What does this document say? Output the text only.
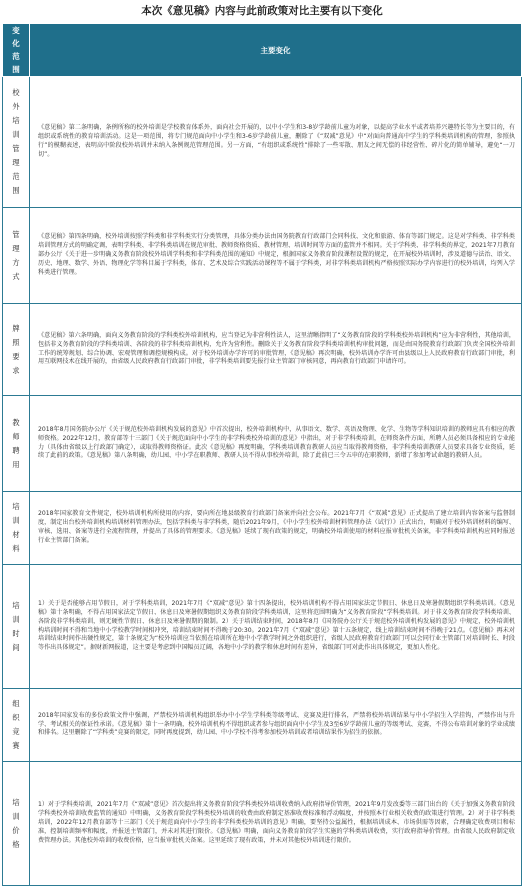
本次《意见稿》内容与此前政策对比主要有以下变化
变化范围	主要变化

校外培训管理范围	《意见稿》第二条明确，条例所称的校外培训是学校教育体系外，面向社会开展的，以中小学生和3-8岁学龄前儿童为对象，以提高学业水平或者培养兴趣特长等为主要目的，有组织或系统性的教育培训活动。这是一项范围，将专门规范面向中小学生和3-6岁学龄前儿童，删除了《“双减”意见》中“对面向普通高中学生的学科类培训机构的管理，参照执行”的模糊表述，表明高中阶段校外培训并未纳入条例规范管理范围。另一方面，“有组织或系统性”排除了一些零散、朋友之间无偿的非经营性、碎片化的简单辅导，避免“一刀切”。

管理方式	《意见稿》第四条明确，校外培训按照学科类和非学科类实行分类管理，具体分类办法由国务院教育行政部门会同科技、文化和旅游、体育等部门规定。这是对学科类、非学科类培训管理方式的明确定调，表明学科类、非学科类培训在规范审批、教师资格资质、教材管理、培训时间等方面的监管并不相同。关于学科类、非学科类的界定，2021年7月教育部办公厅《关于进一步明确义务教育阶段校外培训学科类和非学科类范围的通知》中规定，根据国家义务教育阶段课程设置的规定，在开展校外培训时，涉及道德与法治、语文、历史、地理、数学、外语、物理化学等科目属于学科类，体育、艺术及综合实践活动课程等不属于学科类，对非学科类培训机构严格按照实际办学内容进行的校外培训，均列入学科类进行管理。

牌照要求	《意见稿》第六条明确，面向义务教育阶段的学科类校外培训机构，应当登记为非营利性法人，这里清晰指明了“义务教育阶段的学科类校外培训机构”应为非营利性，其他培训，包括非义务教育阶段的学科类培训、各阶段的非学科类培训机构，允许为营利性。删除关于义务教育阶段学科类培训机构审批问题，而是由国务院教育行政部门负责全国校外培训工作的统筹规划、综合协调、宏观管理和调控规模构成。对于校外培训办学许可的审批管理，《意见稿》再次明确，校外培训办学许可由县级以上人民政府教育行政部门审批，利用互联网技术在线开展的，由省级人民政府教育行政部门审批，非学科类培训要先报行业主管部门审核同意，再向教育行政部门申请许可。

教师聘用	2018年8月国务院办公厅《关于规范校外培训机构发展的意见》中首次提出，校外培训机构中，从事语文、数学、英语及物理、化学、生物等学科知识培训的教师应具有相应的教师资格。2022年12月，教育部等十三部门《关于规范面向中小学生的非学科类校外培训的意见》中指出，对于非学科类培训，在师资条件方面，所聘人员必须具备相应的专业能力（具体由省级以上行政部门确定），或取得教师资格证。此次《意见稿》再度明确，学科类培训教育教研人员应当取得教师资格，非学科类培训教研人员要求具备专业资质，延续了此前的政策。《意见稿》第八条明确，幼儿园、中小学在职教师、教研人员不得从事校外培训，除了此前已三令五申的在职教师，新增了参加考试命题的教研人员。

培训材料	2018年国家教育文件规定，校外培训机构所使用的内容，要向所在地县级教育行政部门备案并向社会公布。2021年7月《“双减”意见》正式提出了建立培训内容备案与监督制度，制定出台校外培训机构培训材料管理办法，包括学科类与非学科类，随后2021年9月，《中小学生校外培训材料管理办法（试行）》正式出台，明确对于校外培训材料的编写、审核、选用、备案等进行全流程管理，并提出了具体的管理要求。《意见稿》延续了现有政策的规定，明确校外培训使用的材料应报审批机关备案，非学科类培训机构应同时报送行业主管部门备案。

培训时间	1）关于是否能够占用节假日，对于学科类培训，2021年7月《“双减”意见》第十四条提出，校外培训机构不得占用国家法定节假日、休息日及寒暑假期组织学科类培训。《意见稿》第十条明确，不得占用国家法定节假日、休息日及寒暑假期组织义务教育阶段学科类培训，这里将范围明确为“义务教育阶段”学科类培训。对于非义务教育阶段学科类培训、各阶段非学科类培训，则无硬性节假日、休息日及寒暑假期的限制。2）关于培训结束时间，2018年8月《国务院办公厅关于规范校外培训机构发展的意见》中规定，校外培训机构培训时间不得和当地中小学校教学时间相冲突，培训结束时间不得晚于20:30。2021年7月《“双减”意见》第十五条规定，线上培训结束时间不得晚于21点。《意见稿》再未对培训结束时间作出硬性规定，第十条规定为“校外培训应当依照在培训所在地中小学教学时间之外组织进行，省级人民政府教育行政部门可以会同行业主管部门对培训时长、时段等作出具体规定”。据财新网报道，这主要是考虑到中国幅员辽阔，各地中小学的教学和休息时间有差异，省级部门可对此作出具体规定，更加人性化。

组织竞赛	2018年国家发布的多份政策文件中强调，严禁校外培训机构组织举办中小学生学科类等级考试、竞赛及进行排名，严禁将校外培训结果与中小学招生入学挂钩，严禁作出与升学、考试相关的保证性承诺。《意见稿》第十一条明确，校外培训机构不得组织或者参与组织面向中小学生及3至6岁学龄前儿童的等级考试、竞赛，不得公布培训对象的学业成绩和排名。这里删除了“学科类”竞赛的限定，同时再度提到，幼儿园、中小学校不得考参加校外培训或者培训结果作为招生的依据。

培训价格	1）对于学科类培训，2021年7月《“双减”意见》首次提出将义务教育阶段学科类校外培训收费纳入政府指导价管理，2021年9月发改委等三部门出台的《关于加强义务教育阶段学科类校外培训收费监管的通知》中明确，义务教育阶段学科类校外培训的收费由政府制定基准收费标准和浮动幅度，并按照本行业相关收费的政策进行管理。2）对于非学科类培训，2022年12月教育部等十三部门《关于规范面向中小学生的非学科类校外培训的意见》明确，要坚持公益属性，根据培训成本、市场供需等因素，合理确定收费项目和标准，控制培训频率和幅度，并报送主管部门，并未对其进行限价。《意见稿》明确，面向义务教育阶段学生实施的学科类培训收费，实行政府指导价管理。由省级人民政府制定收费管理办法。其他校外培训的收费价格，应当报审批机关备案。这里延续了现有政策，并未对其他校外培训进行限价。
